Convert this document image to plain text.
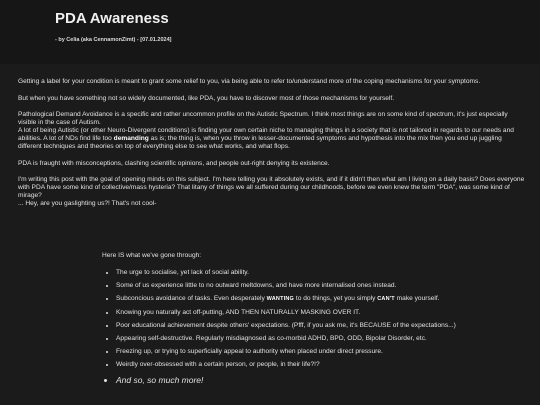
PDA Awareness
- by Celia (aka CennamonZimt) - [07.01.2024]

Getting a label for your condition is meant to grant some relief to you, via being able to refer to/understand more of the coping mechanisms for your symptoms.

But when you have something not so widely documented, like PDA, you have to discover most of those mechanisms for yourself.

Pathological Demand Avoidance is a specific and rather uncommon profile on the Autistic Spectrum. I think most things are on some kind of spectrum, it's just especially visible in the case of Autism.
A lot of being Autistic (or other Neuro-Divergent conditions) is finding your own certain niche to managing things in a society that is not tailored in regards to our needs and abilities. A lot of NDs find life too demanding as is; the thing is, when you throw in lesser-documented symptoms and hypothesis into the mix then you end up juggling different techniques and theories on top of everything else to see what works, and what flops.

PDA is fraught with misconceptions, clashing scientific opinions, and people out-right denying its existence.

I'm writing this post with the goal of opening minds on this subject. I'm here telling you it absolutely exists, and if it didn't then what am I living on a daily basis? Does everyone with PDA have some kind of collective/mass hysteria? That litany of things we all suffered during our childhoods, before we even knew the term "PDA", was some kind of mirage?
... Hey, are you gaslighting us?! That's not cool-

Here IS what we've gone through:
• The urge to socialise, yet lack of social ability.
• Some of us experience little to no outward meltdowns, and have more internalised ones instead.
• Subconcious avoidance of tasks. Even desperately WANTING to do things, yet you simply CAN'T make yourself.
• Knowing you naturally act off-putting, AND THEN NATURALLY MASKING OVER IT.
• Poor educational achievement despite others' expectations. (Pfff, if you ask me, it's BECAUSE of the expectations...)
• Appearing self-destructive. Regularly misdiagnosed as co-morbid ADHD, BPD, ODD, Bipolar Disorder, etc.
• Freezing up, or trying to superficially appeal to authority when placed under direct pressure.
• Weirdly over-obsessed with a certain person, or people, in their life?!?
• And so, so much more!
